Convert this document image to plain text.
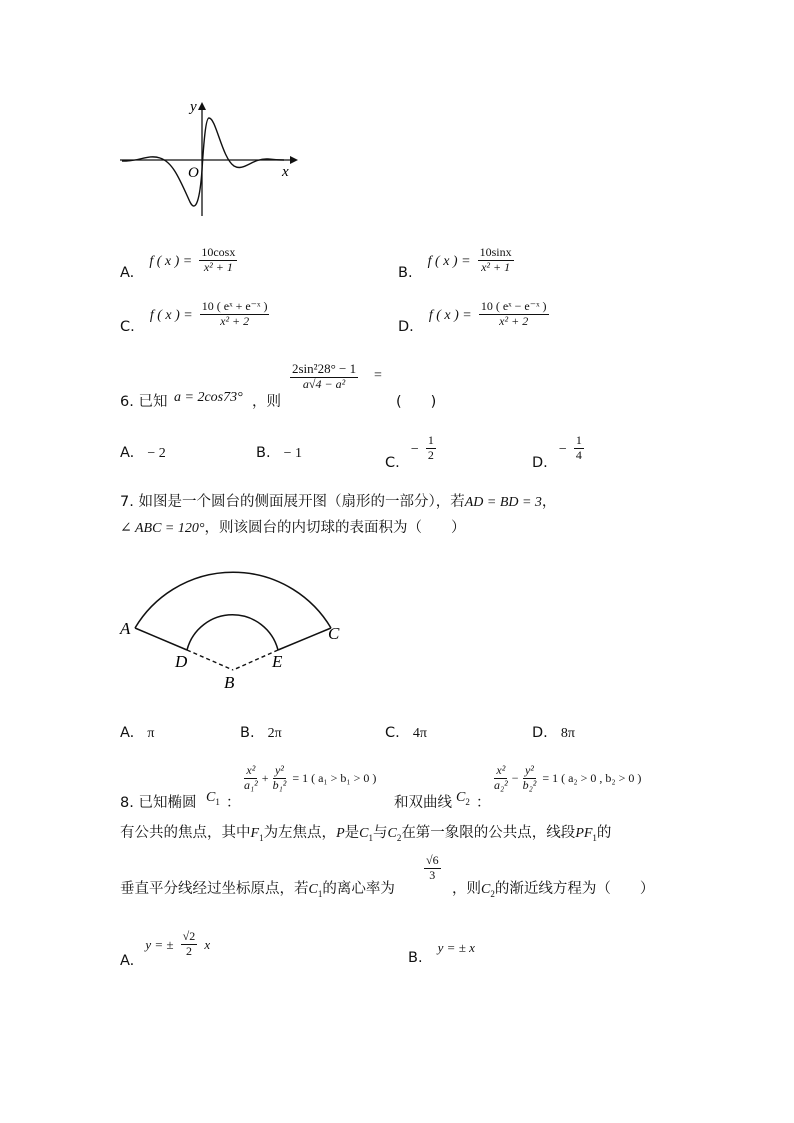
y
x
O
A. f ( x ) = $\frac{10\cos x}{\text{x² + 1}}$	B. f ( x ) = $\frac{10\sin x}{\text{x² + 1}}$
C. f ( x ) = $\frac{\text{10 ( eˣ + e⁻ˣ )}}{\text{x² + 2}}$	D. f ( x ) = $\frac{\text{10 ( eˣ − e⁻ˣ )}}{\text{x² + 2}}$
6. 已知 a = 2cos73° ，则
$\frac{\text{2sin²28° − 1}}{\text{a√4 − a²}}$ =
(　　)
A. − 2	B. − 1
C. − $\frac{1}{2}$
D. − $\frac{1}{4}$
7. 如图是一个圆台的侧面展开图（扇形的一部分），若AD = BD = 3，
∠ ABC = 120°，则该圆台的内切球的表面积为（　　）
A	C
D	E
B
A. π	B. 2π	C. 4π	D. 8π
8. 已知椭圆 $C_1$ ：
$\frac{\text{x²}}{\text{a₁²}} + \frac{\text{y²}}{\text{b₁²}} = 1$ ( a₁ > b₁ > 0 )
和双曲线 $C_2$ ：
$\frac{\text{x²}}{\text{a₂²}} - \frac{\text{y²}}{\text{b₂²}} = 1$ ( a₂ > 0 , b₂ > 0 )
有公共的焦点，其中$F_1$为左焦点，P是$C_1$与$C_2$在第一象限的公共点，线段$PF_1$的
垂直平分线经过坐标原点，若$C_1$的离心率为
$\frac{√6}{3}$
，则$C_2$的渐近线方程为（　　）
A. y = ± $\frac{√2}{2}$ x
B. $^{y = \pm x}$
